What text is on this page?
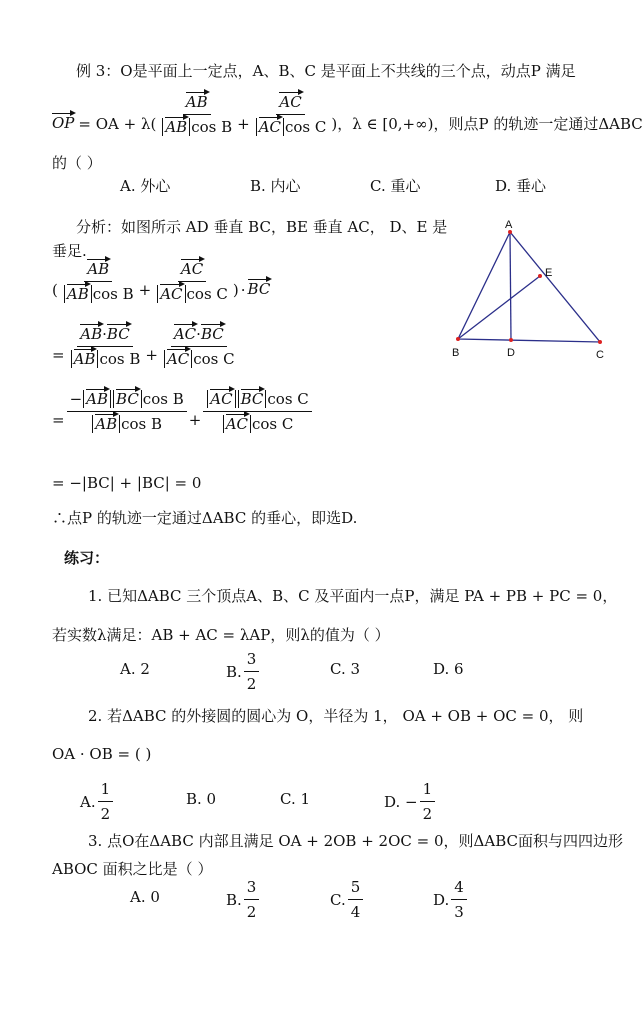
例 3：O是平面上一定点，A、B、C 是平面上不共线的三个点，动点P 满足
OP = OA + $\lambda( \frac{AB}{\text{AB cos B}} + \frac{AC}{\text{AC cos C}}$ )，λ ∈ [0,+∞)，则点P 的轨迹一定通过ΔABC
的（ ）
A. 外心	B. 内心	C. 重心	D. 垂心
分析：如图所示 AD 垂直 BC，BE 垂直 AC， D、E 是
垂足.
( $\frac{AB}{\text{AB cos B}} + \frac{AC}{\text{AC cos C}}$ ) · BC
= $\frac{AB\cdot BC}{\text{AB cos B}} + \frac{AC\cdot BC}{\text{AC cos C}}$
= $\frac{\text{− AB BC cos B}}{\text{AB cos B}} + \frac{\text{AC BC cos C}}{\text{AC cos C}}$
= −|BC| + |BC| = 0
∴点P 的轨迹一定通过ΔABC 的垂心，即选D.
A
E
B	D	C
练习：
1. 已知ΔABC 三个顶点A、B、C 及平面内一点P，满足 PA + PB + PC = 0，
若实数λ满足：AB + AC = λAP，则λ的值为（ ）
A. 2	B. $\frac{3}{2}$	C. 3	D. 6
2. 若ΔABC 的外接圆的圆心为 O，半径为 1， OA + OB + OC = 0， 则
OA · OB = ( )
A. $\frac{1}{2}$	B. 0	C. 1	D. − $\frac{1}{2}$
3. 点O在ΔABC 内部且满足 OA + 2OB + 2OC = 0，则ΔABC面积与四四边形
ABOC 面积之比是（ ）
A. 0	B. $\frac{3}{2}$	C. $\frac{5}{4}$	D. $\frac{4}{3}$
